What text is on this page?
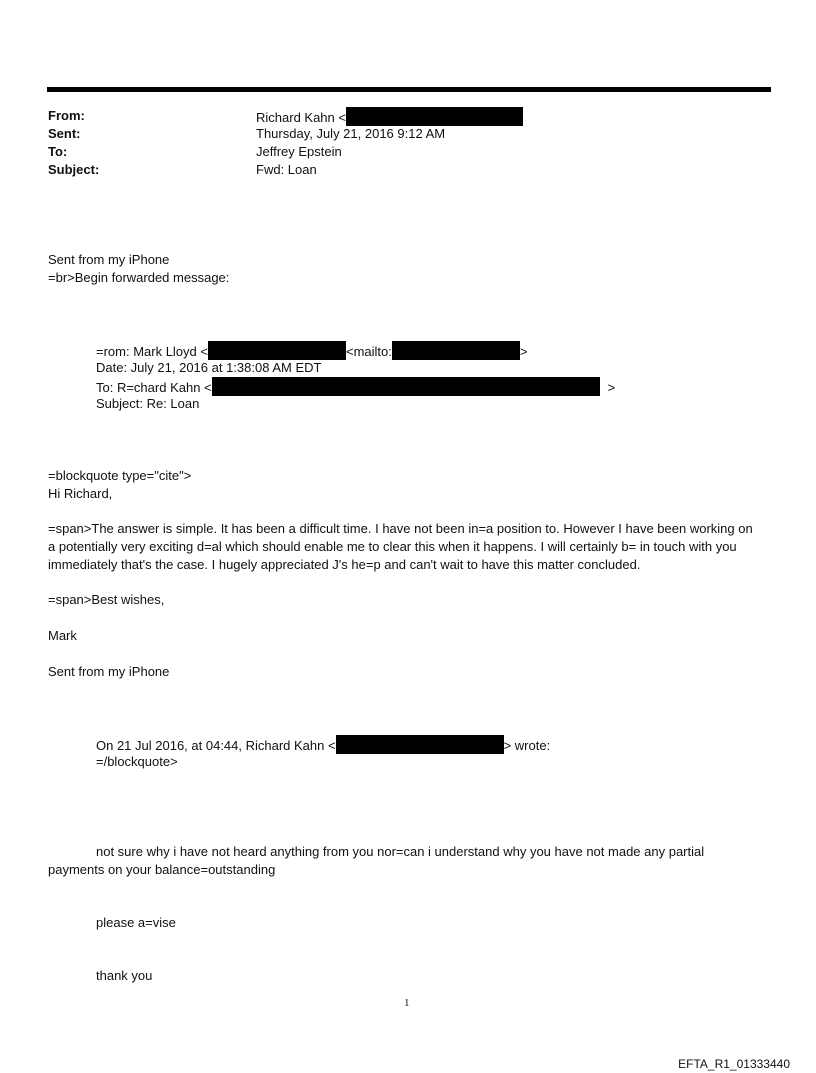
From:	Richard Kahn <
Sent:	Thursday, July 21, 2016 9:12 AM
To:	Jeffrey Epstein
Subject:	Fwd: Loan
Sent from my iPhone
=br>Begin forwarded message:
=rom: Mark Lloyd <	<mailto:	>
Date: July 21, 2016 at 1:38:08 AM EDT
To: R=chard Kahn <	>
Subject: Re: Loan
=blockquote type="cite">
Hi Richard,
=span>The answer is simple. It has been a difficult time. I have not been in=a position to. However I have been working on a potentially very exciting d=al which should enable me to clear this when it happens. I will certainly b= in touch with you immediately that's the case. I hugely appreciated J's he=p and can't wait to have this matter concluded.
=span>Best wishes,
Mark
Sent from my iPhone
On 21 Jul 2016, at 04:44, Richard Kahn <	> wrote:
=/blockquote>
not sure why i have not heard anything from you nor=can i understand why you have not made any partial payments on your balance=outstanding
please a=vise
thank you
1
EFTA_R1_01333440
